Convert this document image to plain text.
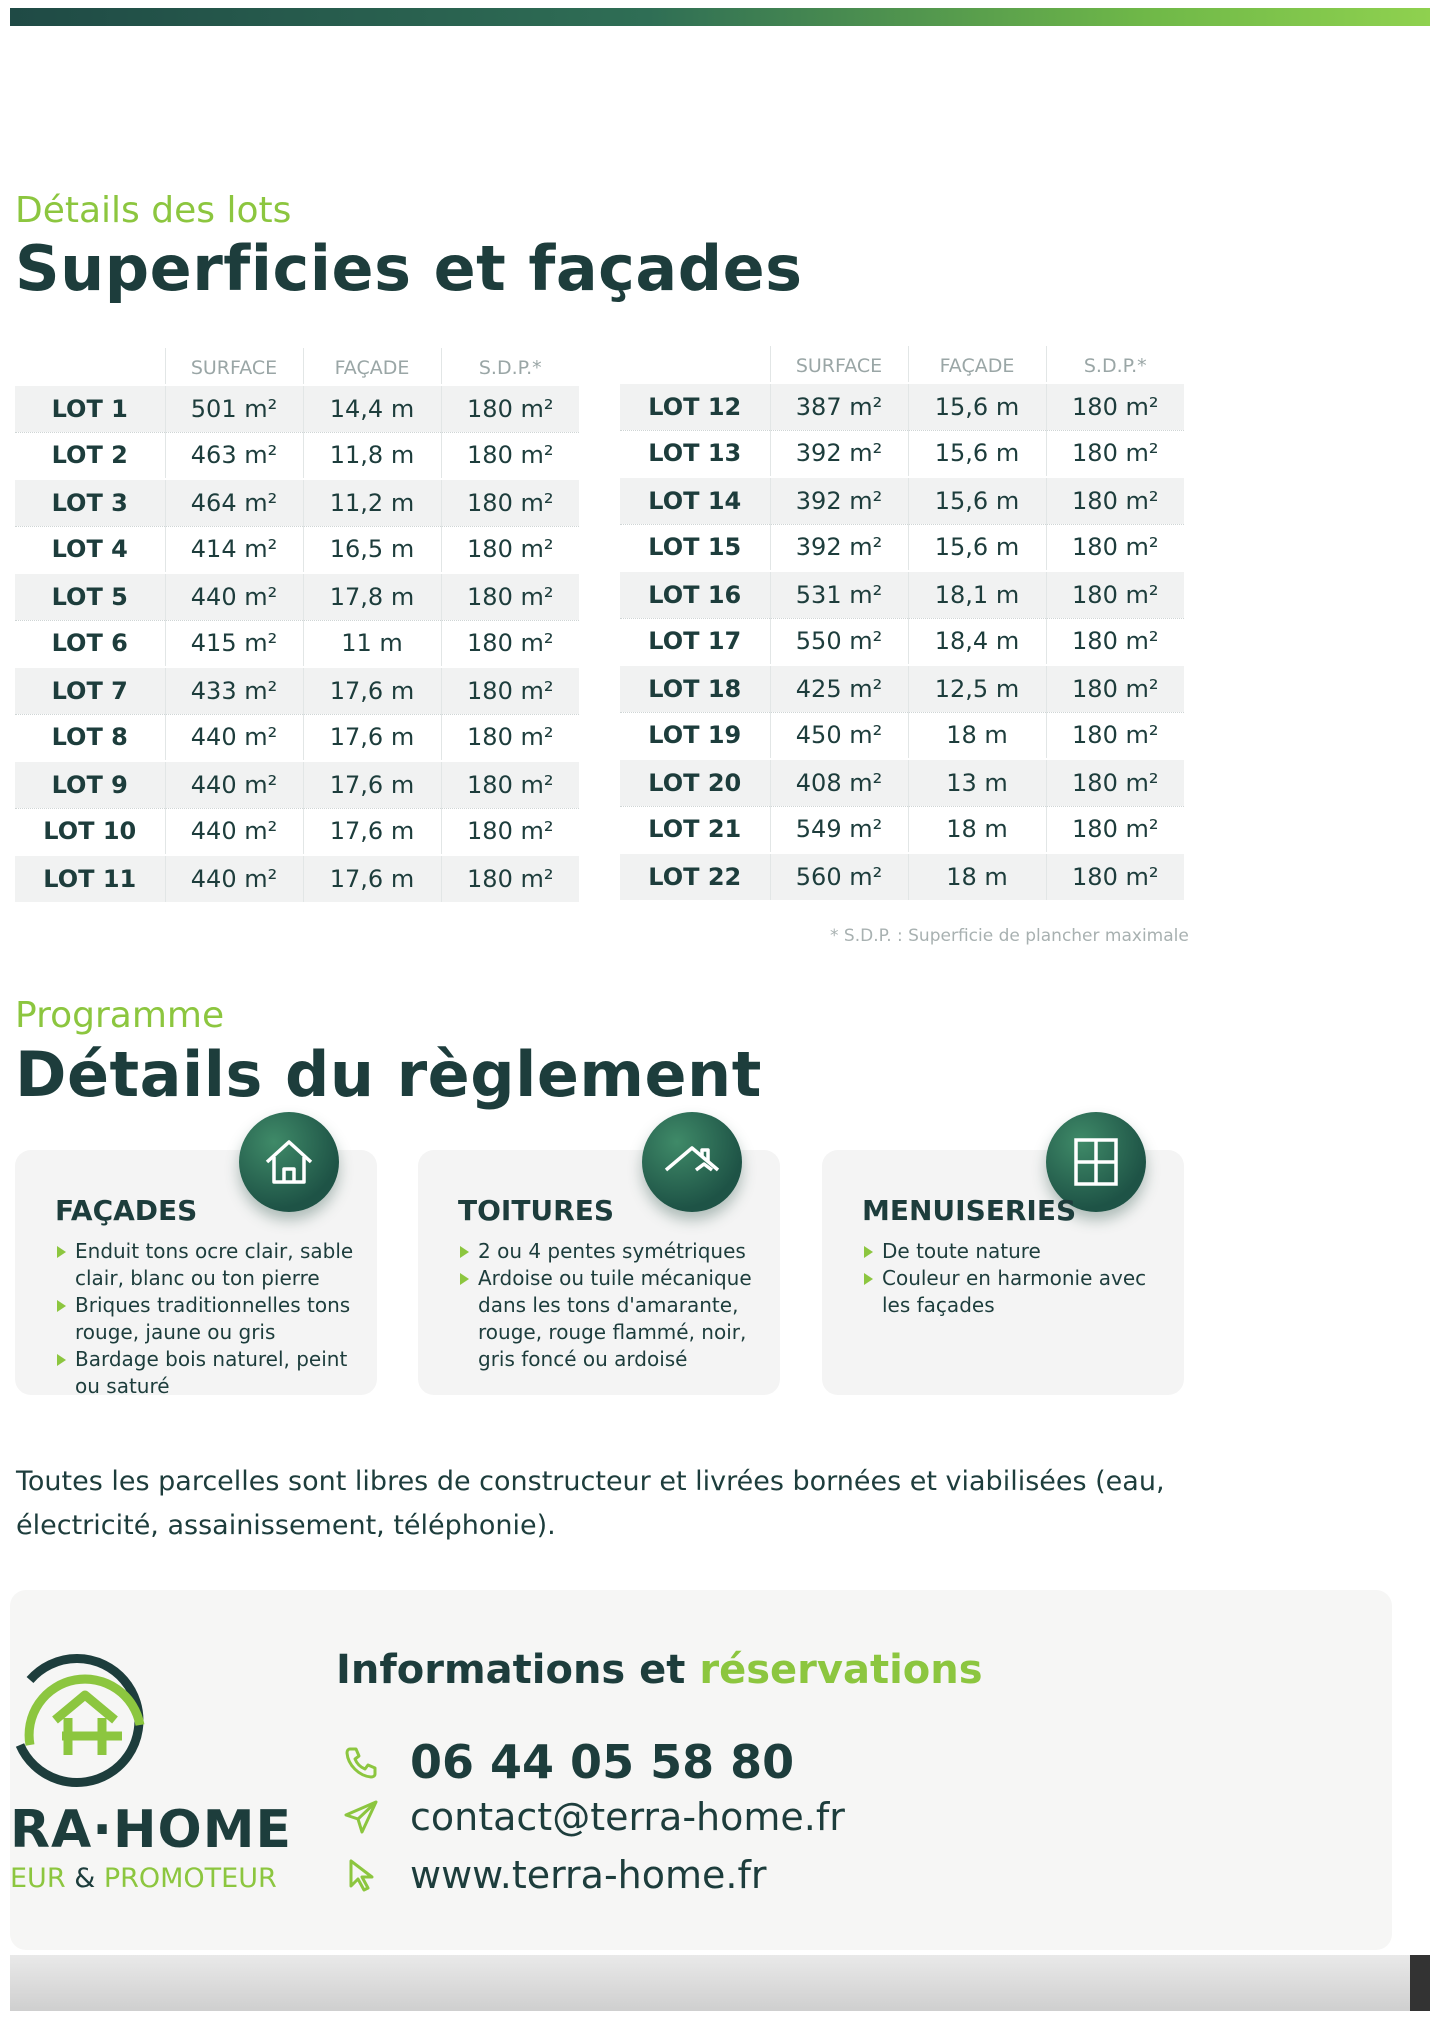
Détails des lots
Superficies et façades
	SURFACE	FAÇADE	S.D.P.*
LOT 1	501 m²	14,4 m	180 m²
LOT 2	463 m²	11,8 m	180 m²
LOT 3	464 m²	11,2 m	180 m²
LOT 4	414 m²	16,5 m	180 m²
LOT 5	440 m²	17,8 m	180 m²
LOT 6	415 m²	11 m	180 m²
LOT 7	433 m²	17,6 m	180 m²
LOT 8	440 m²	17,6 m	180 m²
LOT 9	440 m²	17,6 m	180 m²
LOT 10	440 m²	17,6 m	180 m²
LOT 11	440 m²	17,6 m	180 m²
	SURFACE	FAÇADE	S.D.P.*
LOT 12	387 m²	15,6 m	180 m²
LOT 13	392 m²	15,6 m	180 m²
LOT 14	392 m²	15,6 m	180 m²
LOT 15	392 m²	15,6 m	180 m²
LOT 16	531 m²	18,1 m	180 m²
LOT 17	550 m²	18,4 m	180 m²
LOT 18	425 m²	12,5 m	180 m²
LOT 19	450 m²	18 m	180 m²
LOT 20	408 m²	13 m	180 m²
LOT 21	549 m²	18 m	180 m²
LOT 22	560 m²	18 m	180 m²
* S.D.P. : Superficie de plancher maximale
Programme
Détails du règlement
FAÇADES
Enduit tons ocre clair, sable clair, blanc ou ton pierre
Briques traditionnelles tons rouge, jaune ou gris
Bardage bois naturel, peint ou saturé
TOITURES
2 ou 4 pentes symétriques
Ardoise ou tuile mécanique dans les tons d'amarante, rouge, rouge flammé, noir, gris foncé ou ardoisé
MENUISERIES
De toute nature
Couleur en harmonie avec les façades
Toutes les parcelles sont libres de constructeur et livrées bornées et viabilisées (eau, électricité, assainissement, téléphonie).
RA·HOME
EUR & PROMOTEUR
Informations et réservations
06 44 05 58 80
contact@terra-home.fr
www.terra-home.fr
